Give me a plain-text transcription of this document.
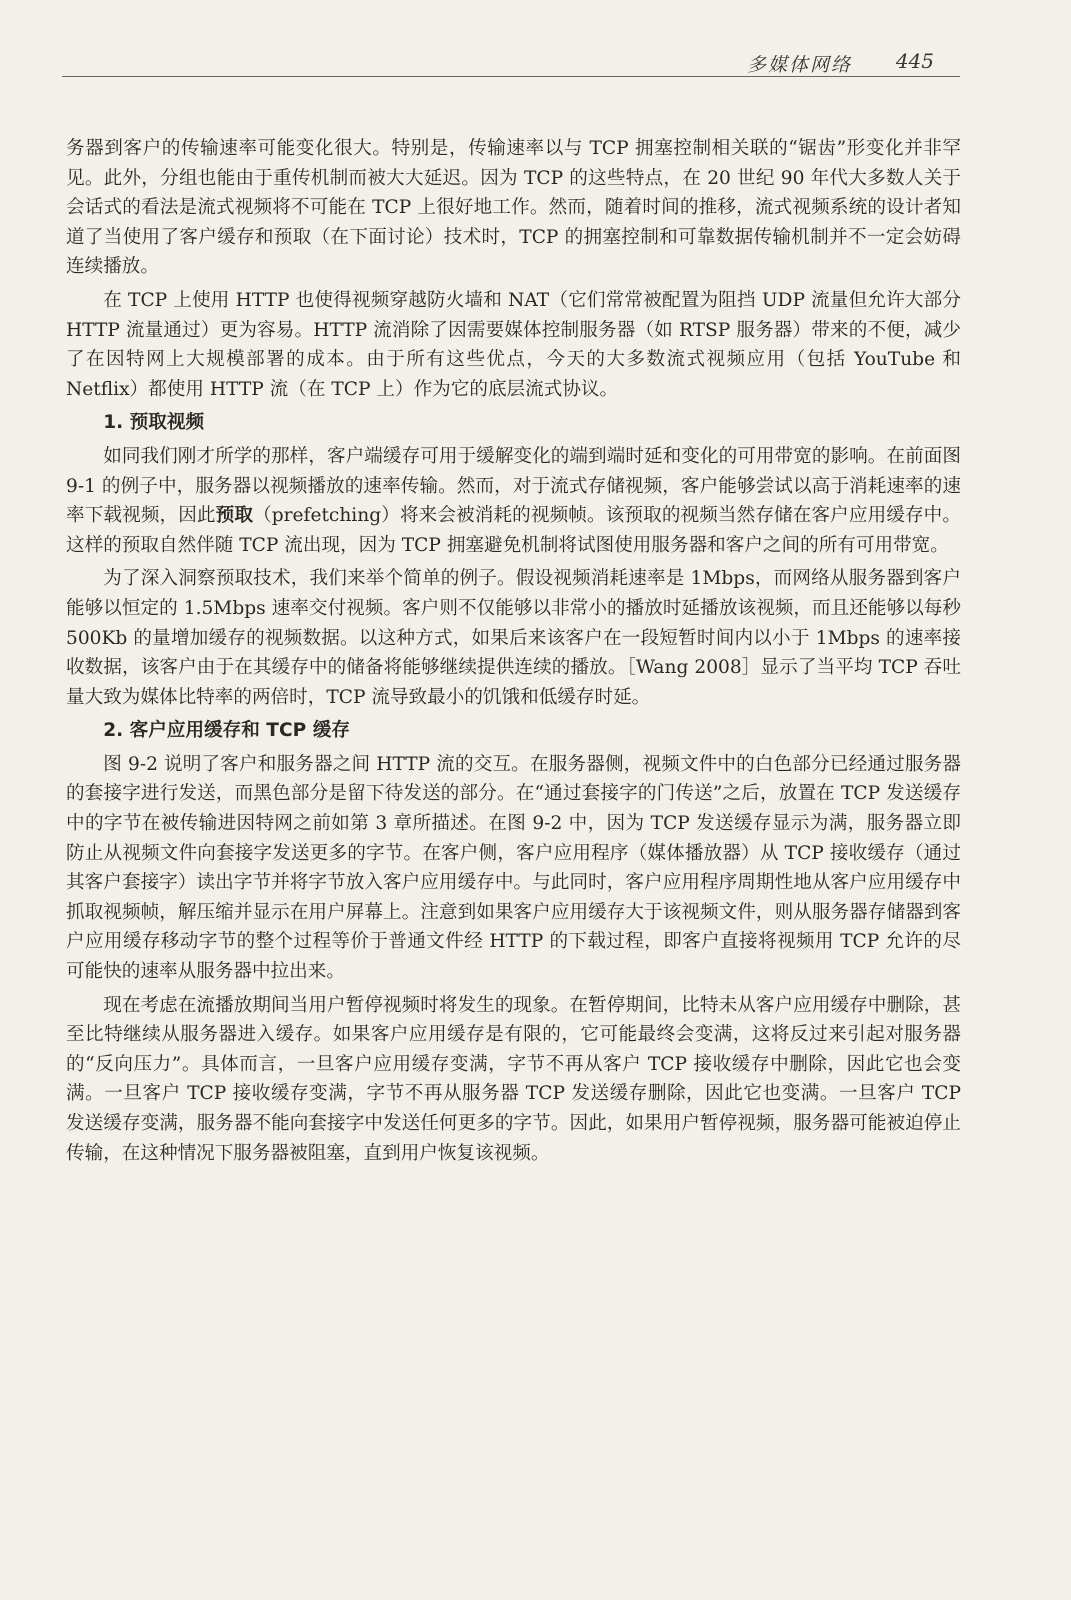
多媒体网络 445

务器到客户的传输速率可能变化很大。特别是，传输速率以与 TCP 拥塞控制相关联的“锯齿”形变化并非罕见。此外，分组也能由于重传机制而被大大延迟。因为 TCP 的这些特点，在 20 世纪 90 年代大多数人关于会话式的看法是流式视频将不可能在 TCP 上很好地工作。然而，随着时间的推移，流式视频系统的设计者知道了当使用了客户缓存和预取（在下面讨论）技术时，TCP 的拥塞控制和可靠数据传输机制并不一定会妨碍连续播放。

在 TCP 上使用 HTTP 也使得视频穿越防火墙和 NAT（它们常常被配置为阻挡 UDP 流量但允许大部分 HTTP 流量通过）更为容易。HTTP 流消除了因需要媒体控制服务器（如 RTSP 服务器）带来的不便，减少了在因特网上大规模部署的成本。由于所有这些优点，今天的大多数流式视频应用（包括 YouTube 和 Netflix）都使用 HTTP 流（在 TCP 上）作为它的底层流式协议。

1. 预取视频

如同我们刚才所学的那样，客户端缓存可用于缓解变化的端到端时延和变化的可用带宽的影响。在前面图 9-1 的例子中，服务器以视频播放的速率传输。然而，对于流式存储视频，客户能够尝试以高于消耗速率的速率下载视频，因此预取（prefetching）将来会被消耗的视频帧。该预取的视频当然存储在客户应用缓存中。这样的预取自然伴随 TCP 流出现，因为 TCP 拥塞避免机制将试图使用服务器和客户之间的所有可用带宽。

为了深入洞察预取技术，我们来举个简单的例子。假设视频消耗速率是 1Mbps，而网络从服务器到客户能够以恒定的 1.5Mbps 速率交付视频。客户则不仅能够以非常小的播放时延播放该视频，而且还能够以每秒 500Kb 的量增加缓存的视频数据。以这种方式，如果后来该客户在一段短暂时间内以小于 1Mbps 的速率接收数据，该客户由于在其缓存中的储备将能够继续提供连续的播放。［Wang 2008］显示了当平均 TCP 吞吐量大致为媒体比特率的两倍时，TCP 流导致最小的饥饿和低缓存时延。

2. 客户应用缓存和 TCP 缓存

图 9-2 说明了客户和服务器之间 HTTP 流的交互。在服务器侧，视频文件中的白色部分已经通过服务器的套接字进行发送，而黑色部分是留下待发送的部分。在“通过套接字的门传送”之后，放置在 TCP 发送缓存中的字节在被传输进因特网之前如第 3 章所描述。在图 9-2 中，因为 TCP 发送缓存显示为满，服务器立即防止从视频文件向套接字发送更多的字节。在客户侧，客户应用程序（媒体播放器）从 TCP 接收缓存（通过其客户套接字）读出字节并将字节放入客户应用缓存中。与此同时，客户应用程序周期性地从客户应用缓存中抓取视频帧，解压缩并显示在用户屏幕上。注意到如果客户应用缓存大于该视频文件，则从服务器存储器到客户应用缓存移动字节的整个过程等价于普通文件经 HTTP 的下载过程，即客户直接将视频用 TCP 允许的尽可能快的速率从服务器中拉出来。

现在考虑在流播放期间当用户暂停视频时将发生的现象。在暂停期间，比特未从客户应用缓存中删除，甚至比特继续从服务器进入缓存。如果客户应用缓存是有限的，它可能最终会变满，这将反过来引起对服务器的“反向压力”。具体而言，一旦客户应用缓存变满，字节不再从客户 TCP 接收缓存中删除，因此它也会变满。一旦客户 TCP 接收缓存变满，字节不再从服务器 TCP 发送缓存删除，因此它也变满。一旦客户 TCP 发送缓存变满，服务器不能向套接字中发送任何更多的字节。因此，如果用户暂停视频，服务器可能被迫停止传输，在这种情况下服务器被阻塞，直到用户恢复该视频。
